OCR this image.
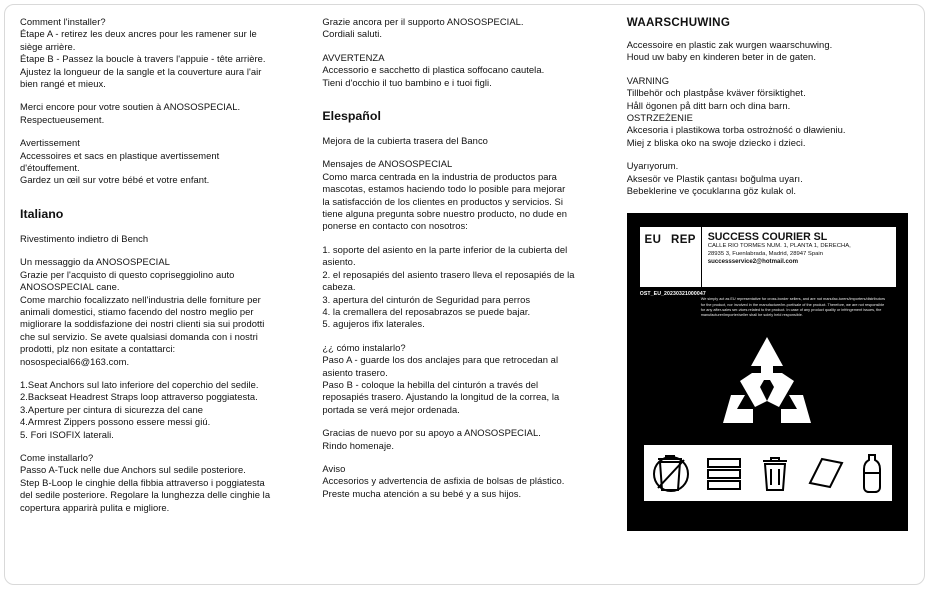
Comment l'installer?

Étape A - retirez les deux ancres pour les ramener sur le

siège arrière.

Étape B - Passez la boucle à travers l'appuie - tête arrière.

Ajustez la longueur de la sangle et la couverture aura l'air

bien rangé et mieux.

Merci encore pour votre soutien à ANOSOSPECIAL.

Respectueusement.

Avertissement

Accessoires et sacs en plastique avertissement

d'étouffement.

Gardez un œil sur votre bébé et votre enfant.

Italiano

Rivestimento indietro di Bench

Un messaggio da ANOSOSPECIAL

Grazie per l'acquisto di questo copriseggiolino auto

ANOSOSPECIAL cane.

Come marchio focalizzato nell'industria delle forniture per

animali domestici, stiamo facendo del nostro meglio per

migliorare la soddisfazione dei nostri clienti sia sui prodotti

che sul servizio. Se avete qualsiasi domanda con i nostri

prodotti, plz non esitate a contattarci:

nosospecial66@163.com.

1.Seat Anchors sul lato inferiore del coperchio del sedile.

2.Backseat Headrest Straps loop attraverso poggiatesta.

3.Aperture per cintura di sicurezza del cane

4.Armrest Zippers possono essere messi giú.

5. Fori ISOFIX laterali.

Come installarlo?

Passo A-Tuck nelle due Anchors sul sedile posteriore.

Step B-Loop le cinghie della fibbia attraverso i poggiatesta

del sedile posteriore. Regolare la lunghezza delle cinghie la

copertura apparirà pulita e migliore.

Grazie ancora per il supporto ANOSOSPECIAL.

Cordiali saluti.

AVVERTENZA

Accessorio e sacchetto di plastica soffocano cautela.

Tieni d'occhio il tuo bambino e i tuoi figli.

Elespañol

Mejora de la cubierta trasera del Banco

Mensajes de ANOSOSPECIAL

Como marca centrada en la industria de productos para

mascotas, estamos haciendo todo lo posible para mejorar

la satisfacción de los clientes en productos y servicios. Si

tiene alguna pregunta sobre nuestro producto, no dude en

ponerse en contacto con nosotros:

1. soporte del asiento en la parte inferior de la cubierta del

asiento.

2. el reposapiés del asiento trasero lleva el reposapiés de la

cabeza.

3. apertura del cinturón de Seguridad para perros

4. la cremallera del reposabrazos se puede bajar.

5. agujeros ifix laterales.

¿¿ cómo instalarlo?

Paso A - guarde los dos anclajes para que retrocedan al

asiento trasero.

Paso B - coloque la hebilla del cinturón a través del

reposapiés trasero. Ajustando la longitud de la correa, la

portada se verá mejor ordenada.

Gracias de nuevo por su apoyo a ANOSOSPECIAL.

Rindo homenaje.

Aviso

Accesorios y advertencia de asfixia de bolsas de plástico.

Preste mucha atención a su bebé y a sus hijos.

WAARSCHUWING

Accessoire en plastic zak wurgen waarschuwing.

Houd uw baby en kinderen beter in de gaten.

VARNING

Tillbehör och plastpåse kväver försiktighet.

Håll ögonen på ditt barn och dina barn.

OSTRZEŻENIE

Akcesoria i plastikowa torba ostrożność o dławieniu.

Miej z bliska oko na swoje dziecko i dzieci.

Uyarıyorum.

Aksesör ve Plastik çantası boğulma uyarı.

Bebeklerine ve çocuklarına göz kulak ol.

EU REP SUCCESS COURIER SL
CALLE RIO TORMES NUM. 1, PLANTA 1, DERECHA,
28935 3, Fuenlabrada, Madrid, 28947 Spain
successservice2@hotmail.com
OST_EU_20230321000047
We simply act as EU representative for cross-border sellers, and are not manufac-turers/importers/distributors for the product, nor involved in the manufacture/im-port/sale of the product. Therefore, we are not responsible for any after-sales ser-vices related to the product. In case of any product quality or infringement issues, the manufacturer/importer/seller shall be solely held responsible.
